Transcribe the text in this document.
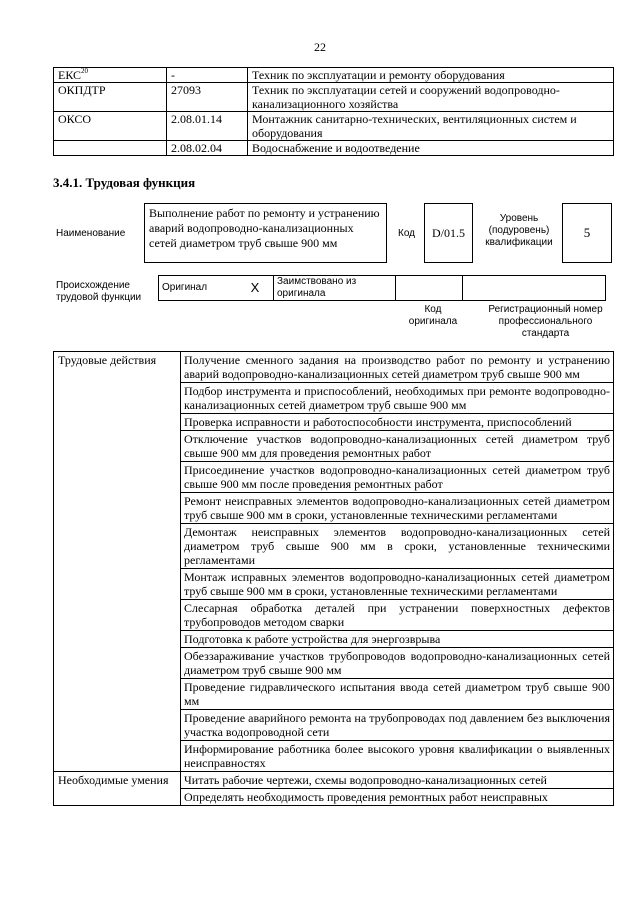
22
ЕКС$^{20}$	-	Техник по эксплуатации и ремонту оборудования
ОКПДТР	27093	Техник по эксплуатации сетей и сооружений водопроводно-канализационного хозяйства
ОКСО	2.08.01.14	Монтажник санитарно-технических, вентиляционных систем и оборудования
	2.08.02.04	Водоснабжение и водоотведение
3.4.1. Трудовая функция
Наименование
Выполнение работ по ремонту и устранению аварий водопроводно-канализационных сетей диаметром труб свыше 900 мм
Код	D/01.5
Уровень (подуровень) квалификации
5
Происхождение трудовой функции
Оригинал	X	Заимствовано из оригинала		
Код оригинала
Регистрационный номер профессионального стандарта
Трудовые действия	Получение сменного задания на производство работ по ремонту и устранению аварий водопроводно-канализационных сетей диаметром труб свыше 900 мм
	Подбор инструмента и приспособлений, необходимых при ремонте водопроводно-канализационных сетей диаметром труб свыше 900 мм
	Проверка исправности и работоспособности инструмента, приспособлений
	Отключение участков водопроводно-канализационных сетей диаметром труб свыше 900 мм для проведения ремонтных работ
	Присоединение участков водопроводно-канализационных сетей диаметром труб свыше 900 мм после проведения ремонтных работ
	Ремонт неисправных элементов водопроводно-канализационных сетей диаметром труб свыше 900 мм в сроки, установленные техническими регламентами
	Демонтаж неисправных элементов водопроводно-канализационных сетей диаметром труб свыше 900 мм в сроки, установленные техническими регламентами
	Монтаж исправных элементов водопроводно-канализационных сетей диаметром труб свыше 900 мм в сроки, установленные техническими регламентами
	Слесарная обработка деталей при устранении поверхностных дефектов трубопроводов методом сварки
	Подготовка к работе устройства для энергозврыва
	Обеззараживание участков трубопроводов водопроводно-канализационных сетей диаметром труб свыше 900 мм
	Проведение гидравлического испытания ввода сетей диаметром труб свыше 900 мм
	Проведение аварийного ремонта на трубопроводах под давлением без выключения участка водопроводной сети
	Информирование работника более высокого уровня квалификации о выявленных неисправностях
Необходимые умения	Читать рабочие чертежи, схемы водопроводно-канализационных сетей
	Определять необходимость проведения ремонтных работ неисправных
